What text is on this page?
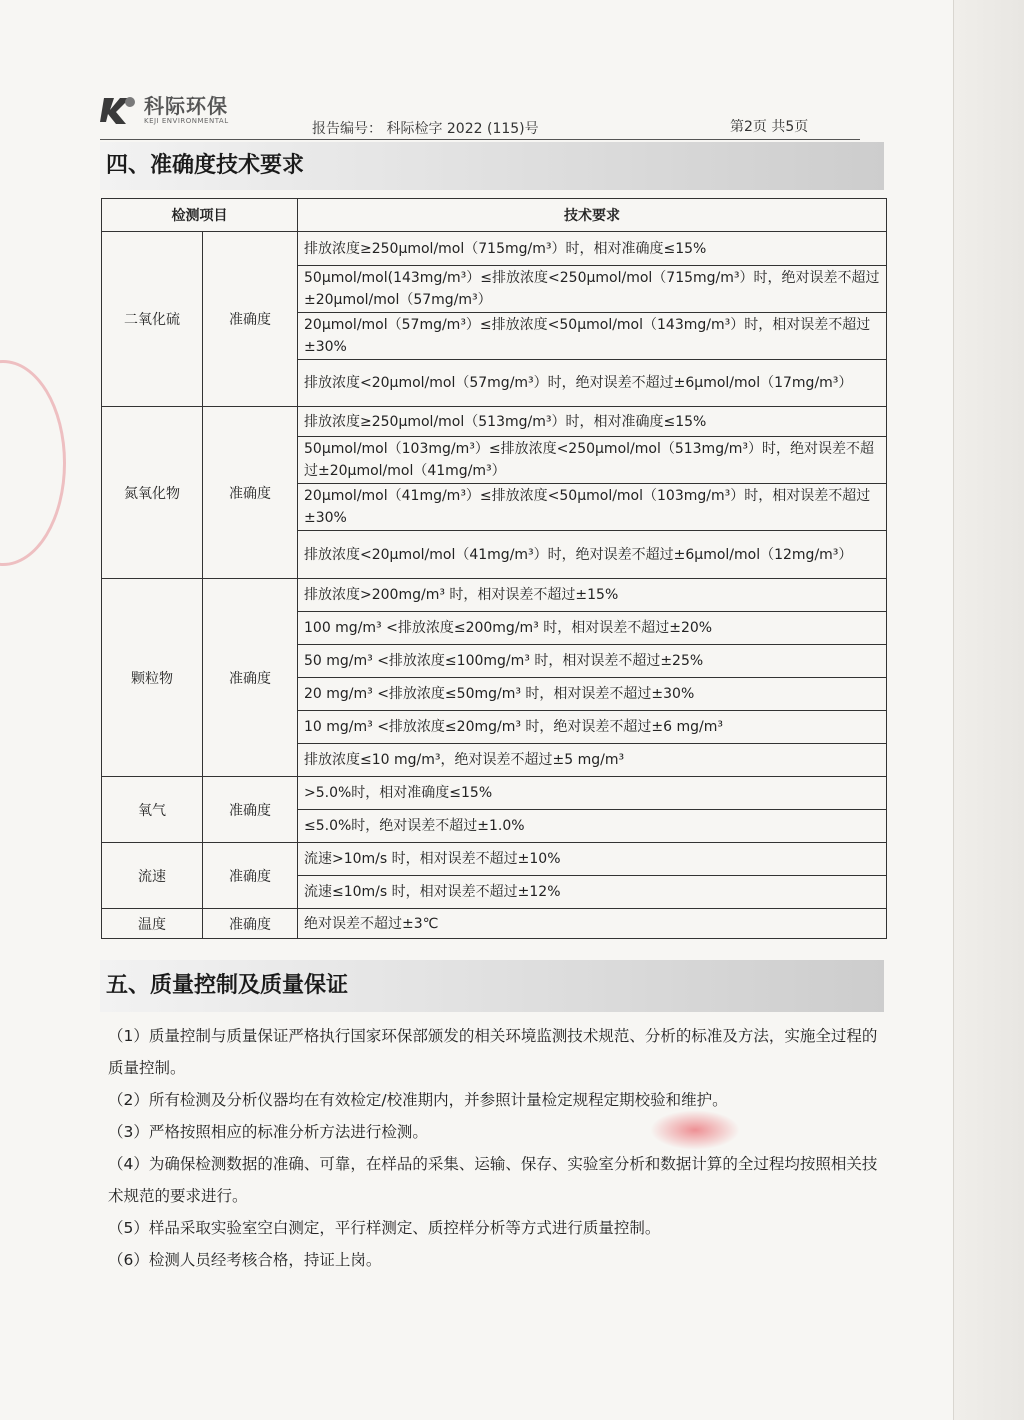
科际环保
KEJI ENVIRONMENTAL
报告编号： 科际检字 2022 (115)号	第2页 共5页
四、准确度技术要求
检测项目		技术要求
二氧化硫	准确度	排放浓度≥250μmol/mol（715mg/m³）时，相对准确度≤15%
		50μmol/mol(143mg/m³）≤排放浓度<250μmol/mol（715mg/m³）时，绝对误差不超过±20μmol/mol（57mg/m³）
		20μmol/mol（57mg/m³）≤排放浓度<50μmol/mol（143mg/m³）时，相对误差不超过±30%
		排放浓度<20μmol/mol（57mg/m³）时，绝对误差不超过±6μmol/mol（17mg/m³）
氮氧化物	准确度	排放浓度≥250μmol/mol（513mg/m³）时，相对准确度≤15%
		50μmol/mol（103mg/m³）≤排放浓度<250μmol/mol（513mg/m³）时，绝对误差不超过±20μmol/mol（41mg/m³）
		20μmol/mol（41mg/m³）≤排放浓度<50μmol/mol（103mg/m³）时，相对误差不超过±30%
		排放浓度<20μmol/mol（41mg/m³）时，绝对误差不超过±6μmol/mol（12mg/m³）
颗粒物	准确度	排放浓度>200mg/m³ 时，相对误差不超过±15%
		100 mg/m³ <排放浓度≤200mg/m³ 时，相对误差不超过±20%
		50 mg/m³ <排放浓度≤100mg/m³ 时，相对误差不超过±25%
		20 mg/m³ <排放浓度≤50mg/m³ 时，相对误差不超过±30%
		10 mg/m³ <排放浓度≤20mg/m³ 时，绝对误差不超过±6 mg/m³
		排放浓度≤10 mg/m³，绝对误差不超过±5 mg/m³
氧气	准确度	>5.0%时，相对准确度≤15%
		≤5.0%时，绝对误差不超过±1.0%
流速	准确度	流速>10m/s 时，相对误差不超过±10%
		流速≤10m/s 时，相对误差不超过±12%
温度	准确度	绝对误差不超过±3℃
五、质量控制及质量保证

（1）质量控制与质量保证严格执行国家环保部颁发的相关环境监测技术规范、分析的标准及方法，实施全过程的质量控制。

（2）所有检测及分析仪器均在有效检定/校准期内，并参照计量检定规程定期校验和维护。

（3）严格按照相应的标准分析方法进行检测。

（4）为确保检测数据的准确、可靠，在样品的采集、运输、保存、实验室分析和数据计算的全过程均按照相关技术规范的要求进行。

（5）样品采取实验室空白测定，平行样测定、质控样分析等方式进行质量控制。

（6）检测人员经考核合格，持证上岗。
